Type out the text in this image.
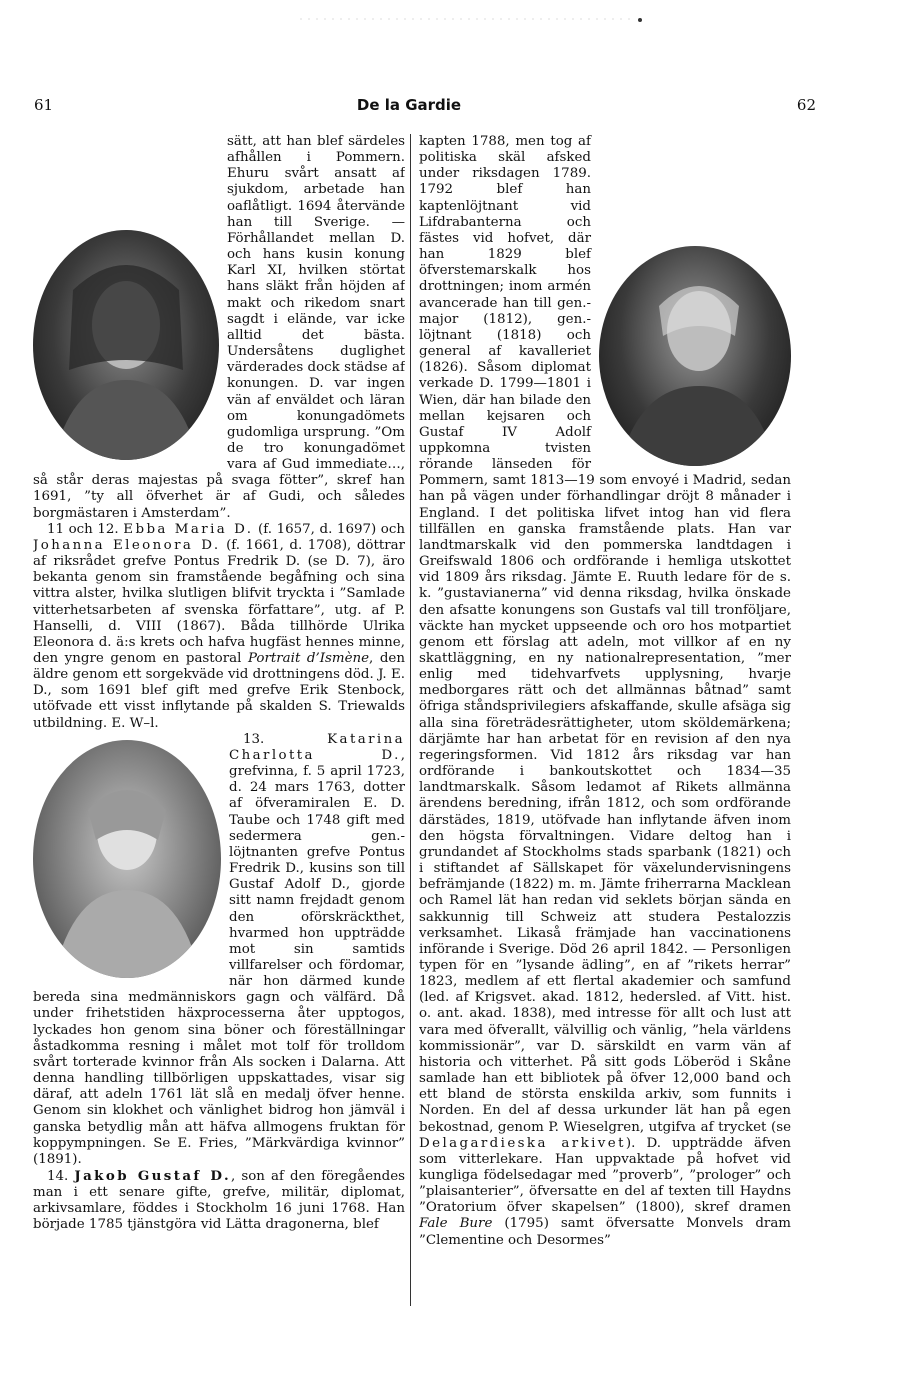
61	De la Gardie	62

sätt, att han blef särdeles afhållen i Pommern. Ehuru svårt ansatt af sjukdom, arbetade han oaflåtligt. 1694 återvände han till Sverige. — Förhållandet mellan D. och hans kusin konung Karl XI, hvilken störtat hans släkt från höjden af makt och rikedom snart sagdt i elände, var icke alltid det bästa. Undersåtens duglighet värderades dock städse af konungen. D. var ingen vän af enväldet och läran om konungadömets gudomliga ursprung. ”Om de tro konungadömet vara af Gud immediate…, så står deras majestas på svaga fötter”, skref han 1691, ”ty all öfverhet är af Gudi, och således borgmästaren i Amsterdam”.

11 och 12. Ebba Maria D. (f. 1657, d. 1697) och Johanna Eleonora D. (f. 1661, d. 1708), döttrar af riksrådet grefve Pontus Fredrik D. (se D. 7), äro bekanta genom sin framstående begåfning och sina vittra alster, hvilka slutligen blifvit tryckta i ”Samlade vitterhetsarbeten af svenska författare”, utg. af P. Hanselli, d. VIII (1867). Båda tillhörde Ulrika Eleonora d. ä:s krets och hafva hugfäst hennes minne, den yngre genom en pastoral Portrait d’Ismène, den äldre genom ett sorgekväde vid drottningens död. J. E. D., som 1691 blef gift med grefve Erik Stenbock, utöfvade ett visst inflytande på skalden S. Triewalds utbildning. E. W–l.

13.	Katarina Charlotta D., grefvinna, f. 5 april 1723, d. 24 mars 1763, dotter af öfveramiralen E. D. Taube och 1748 gift med sedermera gen.-löjtnanten grefve Pontus Fredrik D., kusins son till Gustaf Adolf D., gjorde sitt namn frejdadt genom den oförskräckthet, hvarmed hon uppträdde mot sin samtids villfarelser och fördomar, när hon därmed kunde bereda sina medmänniskors gagn och välfärd. Då under frihetstiden häxprocesserna åter upptogos, lyckades hon genom sina böner och föreställningar åstadkomma resning i målet mot tolf för trolldom svårt torterade kvinnor från Als socken i Dalarna. Att denna handling tillbörligen uppskattades, visar sig däraf, att adeln 1761 lät slå en medalj öfver henne. Genom sin klokhet och vänlighet bidrog hon jämväl i ganska betydlig mån att häfva allmogens fruktan för koppympningen. Se E. Fries, ”Märkvärdiga kvinnor” (1891).

14. Jakob Gustaf D., son af den föregåendes man i ett senare gifte, grefve, militär, diplomat, arkivsamlare, föddes i Stockholm 16 juni 1768. Han började 1785 tjänstgöra vid Lätta dragonerna, blef

kapten 1788, men tog af politiska skäl afsked under riksdagen 1789. 1792 blef han kaptenlöjtnant vid Lifdrabanterna och fästes vid hofvet, där han 1829 blef öfverstemarskalk hos drottningen; inom armén avancerade han till gen.-major (1812), gen.-löjtnant (1818) och general af kavalleriet (1826). Såsom diplomat verkade D. 1799—1801 i Wien, där han bilade den mellan kejsaren och Gustaf IV Adolf uppkomna tvisten rörande länseden för Pommern, samt 1813—19 som envoyé i Madrid, sedan han på vägen under förhandlingar dröjt 8 månader i England. I det politiska lifvet intog han vid flera tillfällen en ganska framstående plats. Han var landtmarskalk vid den pommerska landtdagen i Greifswald 1806 och ordförande i hemliga utskottet vid 1809 års riksdag. Jämte E. Ruuth ledare för de s. k. ”gustavianerna” vid denna riksdag, hvilka önskade den afsatte konungens son Gustafs val till tronföljare, väckte han mycket uppseende och oro hos motpartiet genom ett förslag att adeln, mot villkor af en ny skattläggning, en ny nationalrepresentation, ”mer enlig med tidehvarfvets upplysning, hvarje medborgares rätt och det allmännas båtnad” samt öfriga ståndsprivilegiers afskaffande, skulle afsäga sig alla sina företrädesrättigheter, utom sköldemärkena; därjämte har han arbetat för en revision af den nya regeringsformen. Vid 1812 års riksdag var han ordförande i bankoutskottet och 1834—35 landtmarskalk. Såsom ledamot af Rikets allmänna ärendens beredning, ifrån 1812, och som ordförande därstädes, 1819, utöfvade han inflytande äfven inom den högsta förvaltningen. Vidare deltog han i grundandet af Stockholms stads sparbank (1821) och i stiftandet af Sällskapet för växelundervisningens befrämjande (1822) m. m. Jämte friherrarna Macklean och Ramel lät han redan vid seklets början sända en sakkunnig till Schweiz att studera Pestalozzis verksamhet. Likaså främjade han vaccinationens införande i Sverige. Död 26 april 1842. — Personligen typen för en ”lysande ädling”, en af ”rikets herrar” 1823, medlem af ett flertal akademier och samfund (led. af Krigsvet. akad. 1812, hedersled. af Vitt. hist. o. ant. akad. 1838), med intresse för allt och lust att vara med öfverallt, välvillig och vänlig, ”hela världens kommissionär”, var D. särskildt en varm vän af historia och vitterhet. På sitt gods Löberöd i Skåne samlade han ett bibliotek på öfver 12,000 band och ett bland de största enskilda arkiv, som funnits i Norden. En del af dessa urkunder lät han på egen bekostnad, genom P. Wieselgren, utgifva af trycket (se Delagardieska arkivet). D. uppträdde äfven som vitterlekare. Han uppvaktade på hofvet vid kungliga födelsedagar med ”proverb”, ”prologer” och ”plaisanterier”, öfversatte en del af texten till Haydns ”Oratorium öfver skapelsen” (1800), skref dramen Fale Bure (1795) samt öfversatte Monvels dram ”Clementine och Desormes”
